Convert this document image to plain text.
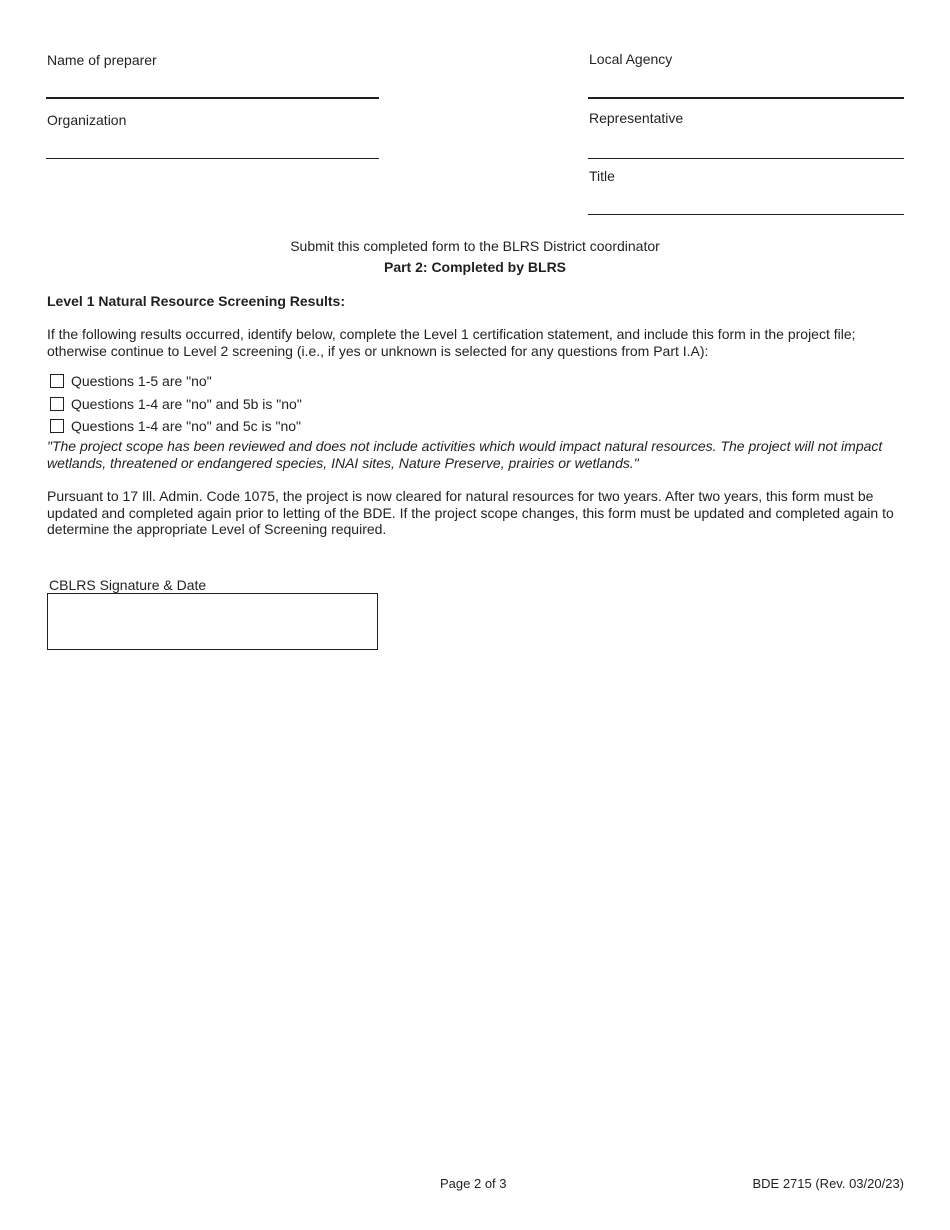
Name of preparer
Organization
Local Agency
Representative
Title
Submit this completed form to the BLRS District coordinator
Part 2: Completed by BLRS
Level 1 Natural Resource Screening Results:
If the following results occurred, identify below, complete the Level 1 certification statement, and include this form in the project file; otherwise continue to Level 2 screening (i.e., if yes or unknown is selected for any questions from Part I.A):
Questions 1-5 are "no"
Questions 1-4 are "no" and 5b is "no"
Questions 1-4 are "no" and 5c is "no"
"The project scope has been reviewed and does not include activities which would impact natural resources. The project will not impact wetlands, threatened or endangered species, INAI sites, Nature Preserve, prairies or wetlands."
Pursuant to 17 Ill. Admin. Code 1075, the project is now cleared for natural resources for two years. After two years, this form must be updated and completed again prior to letting of the BDE. If the project scope changes, this form must be updated and completed again to determine the appropriate Level of Screening required.
CBLRS Signature & Date
Page 2 of 3	BDE 2715 (Rev. 03/20/23)
